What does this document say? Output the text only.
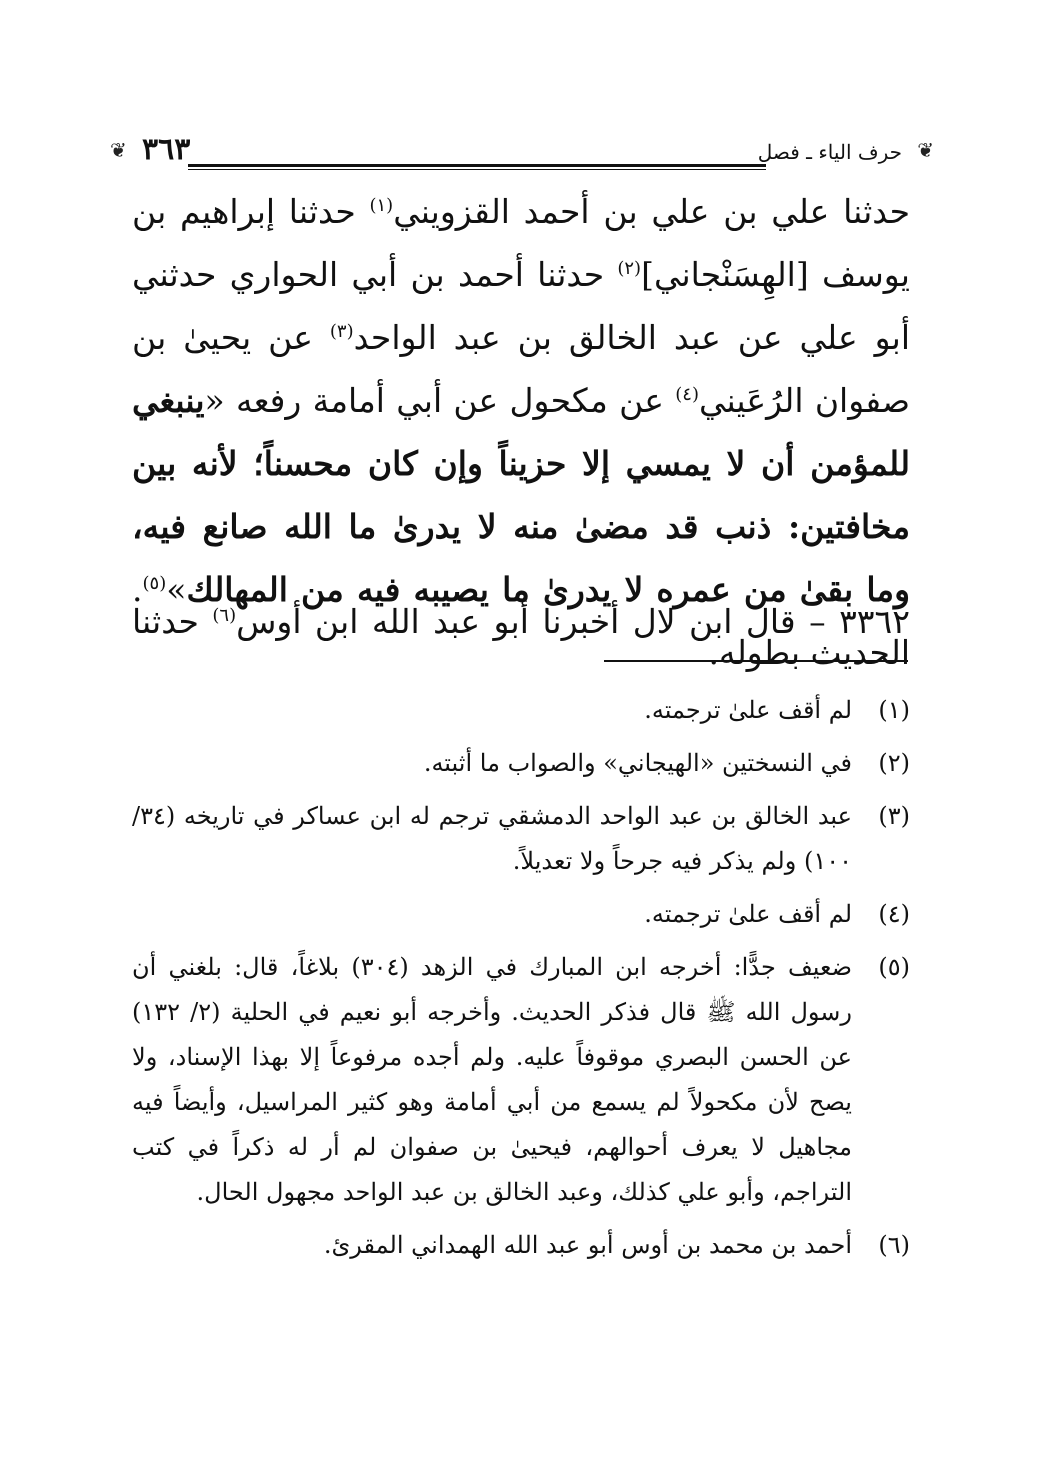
❦
حرف الياء ـ فصل
٣٦٣
❦

حدثنا علي بن علي بن أحمد القزويني$^{(١)}$ حدثنا إبراهيم بن يوسف [الهِسَنْجاني]$^{(٢)}$ حدثنا أحمد بن أبي الحواري حدثني أبو علي عن عبد الخالق بن عبد الواحد$^{(٣)}$ عن يحيىٰ بن صفوان الرُعَيني$^{(٤)}$ عن مكحول عن أبي أمامة رفعه «ينبغي للمؤمن أن لا يمسي إلا حزيناً وإن كان محسناً؛ لأنه بين مخافتين: ذنب قد مضىٰ منه لا يدرىٰ ما الله صانع فيه، وما بقىٰ من عمره لا يدرىٰ ما يصيبه فيه من المهالك»$^{(٥)}$. الحديث بطوله.

٣٣٦٢ – قال ابن لال أخبرنا أبو عبد الله ابن أوس$^{(٦)}$ حدثنا
(١)

لم أقف علىٰ ترجمته.

(٢)

في النسختين «الهيجاني» والصواب ما أثبته.

(٣)

عبد الخالق بن عبد الواحد الدمشقي ترجم له ابن عساكر في تاريخه (٣٤/ ١٠٠) ولم يذكر فيه جرحاً ولا تعديلاً.

(٤)

لم أقف علىٰ ترجمته.

(٥)

ضعيف جدًّا: أخرجه ابن المبارك في الزهد (٣٠٤) بلاغاً، قال: بلغني أن رسول الله ﷺ قال فذكر الحديث. وأخرجه أبو نعيم في الحلية (٢/ ١٣٢) عن الحسن البصري موقوفاً عليه. ولم أجده مرفوعاً إلا بهذا الإسناد، ولا يصح لأن مكحولاً لم يسمع من أبي أمامة وهو كثير المراسيل، وأيضاً فيه مجاهيل لا يعرف أحوالهم، فيحيىٰ بن صفوان لم أر له ذكراً في كتب التراجم، وأبو علي كذلك، وعبد الخالق بن عبد الواحد مجهول الحال.

(٦)

أحمد بن محمد بن أوس أبو عبد الله الهمداني المقرئ.
